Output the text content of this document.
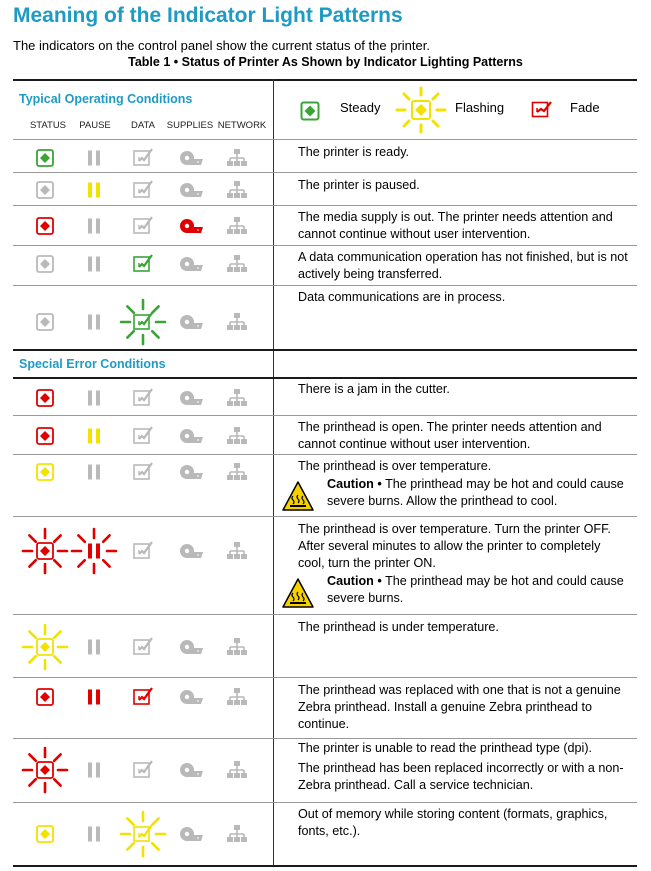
Meaning of the Indicator Light Patterns
The indicators on the control panel show the current status of the printer.
Table 1 • Status of Printer As Shown by Indicator Lighting Patterns
Typical Operating Conditions
Special Error Conditions
STATUS	PAUSE	DATA	SUPPLIES NETWORK
Steady	Flashing	Fade

The printer is ready.

The printer is paused.

The media supply is out. The printer needs attention and cannot continue without user intervention.

A data communication operation has not finished, but is not actively being transferred.

Data communications are in process.

There is a jam in the cutter.

The printhead is open. The printer needs attention and cannot continue without user intervention.

The printhead is over temperature.

Caution • The printhead may be hot and could cause severe burns. Allow the printhead to cool.

The printhead is over temperature. Turn the printer OFF. After several minutes to allow the printer to completely cool, turn the printer ON.

Caution • The printhead may be hot and could cause severe burns.

The printhead is under temperature.

The printhead was replaced with one that is not a genuine Zebra printhead. Install a genuine Zebra printhead to continue.

The printer is unable to read the printhead type (dpi).

The printhead has been replaced incorrectly or with a non-Zebra printhead. Call a service technician.

Out of memory while storing content (formats, graphics, fonts, etc.).
